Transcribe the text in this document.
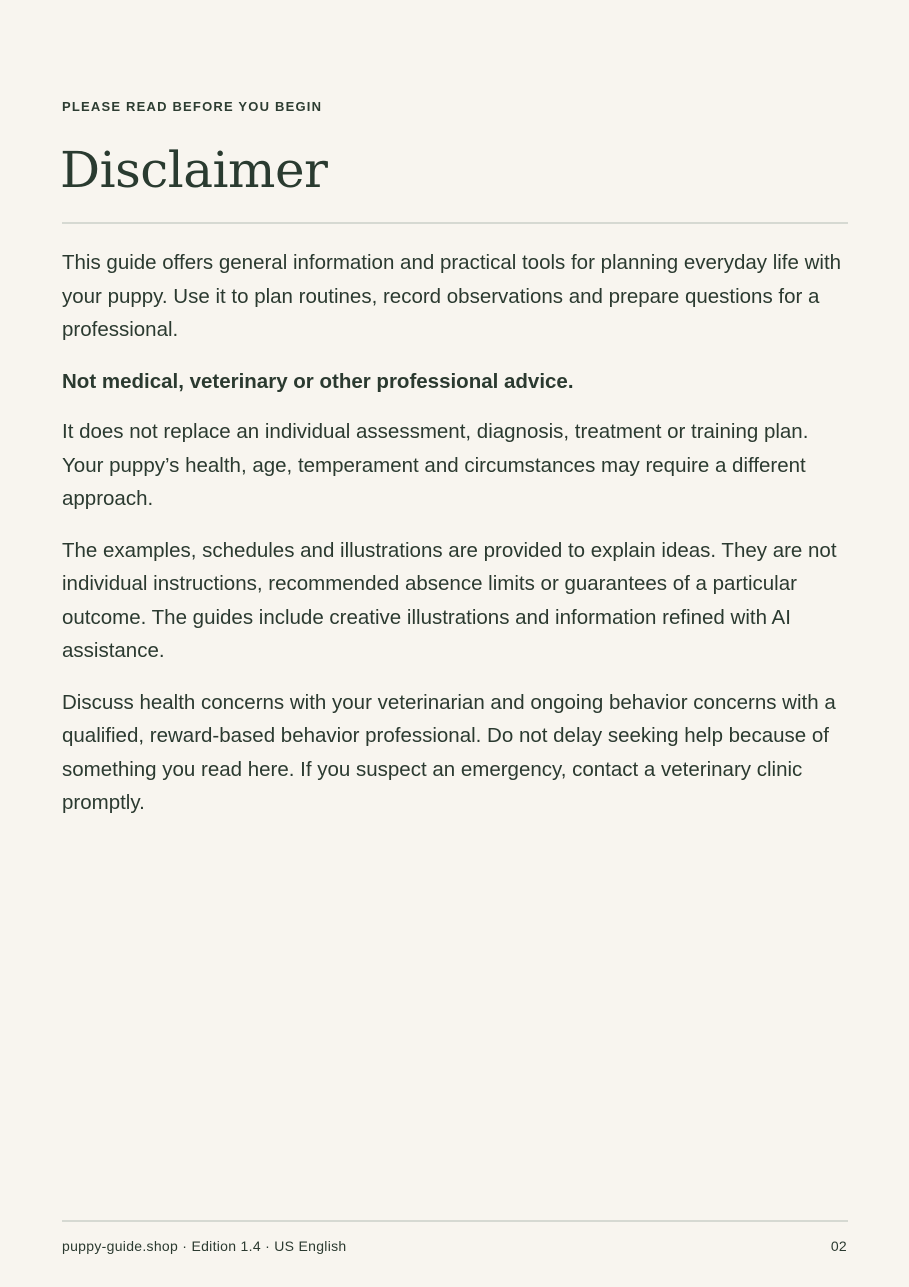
PLEASE READ BEFORE YOU BEGIN
Disclaimer

This guide offers general information and practical tools for planning everyday life with your puppy. Use it to plan routines, record observations and prepare questions for a professional.

Not medical, veterinary or other professional advice.

It does not replace an individual assessment, diagnosis, treatment or training plan. Your puppy’s health, age, temperament and circumstances may require a different approach.

The examples, schedules and illustrations are provided to explain ideas. They are not individual instructions, recommended absence limits or guarantees of a particular outcome. The guides include creative illustrations and information refined with AI assistance.

Discuss health concerns with your veterinarian and ongoing behavior concerns with a qualified, reward-based behavior professional. Do not delay seeking help because of something you read here. If you suspect an emergency, contact a veterinary clinic promptly.

puppy-guide.shop · Edition 1.4 · US English	02
